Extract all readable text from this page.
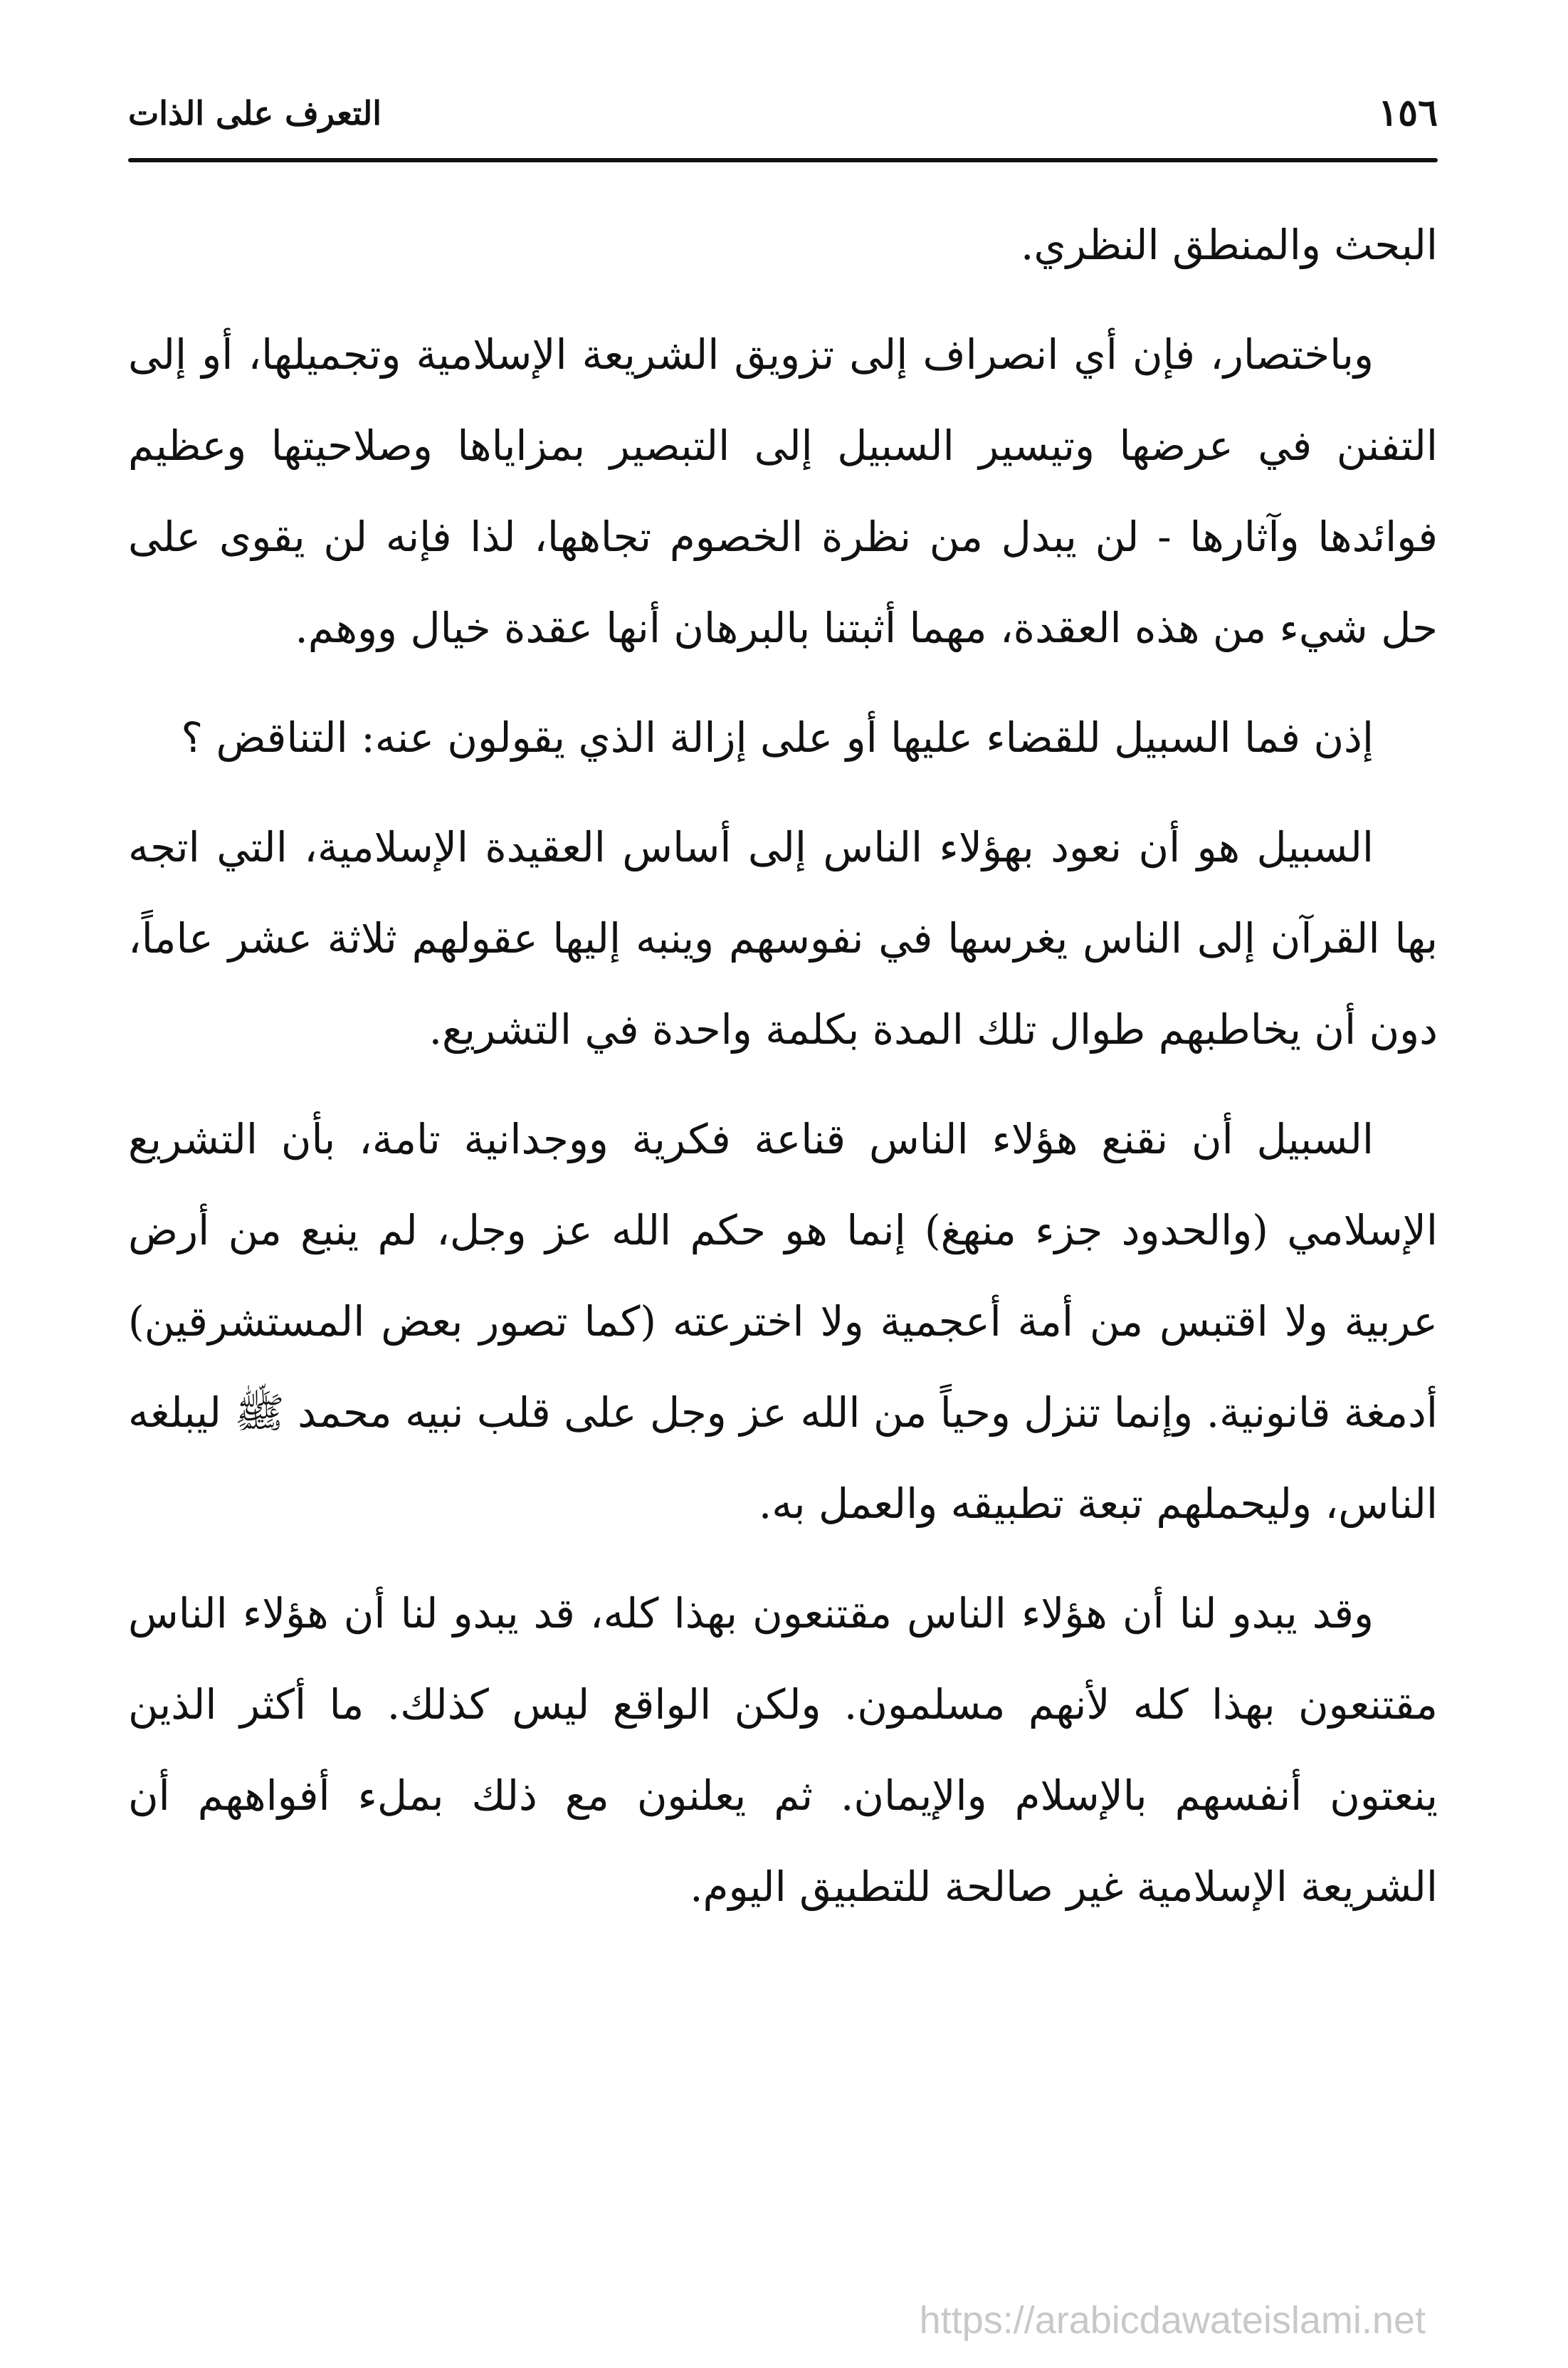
١٥٦
التعرف على الذات

البحث والمنطق النظري.

وباختصار، فإن أي انصراف إلى تزويق الشريعة الإسلامية وتجميلها، أو إلى التفنن في عرضها وتيسير السبيل إلى التبصير بمزاياها وصلاحيتها وعظيم فوائدها وآثارها - لن يبدل من نظرة الخصوم تجاهها، لذا فإنه لن يقوى على حل شيء من هذه العقدة، مهما أثبتنا بالبرهان أنها عقدة خيال ووهم.

إذن فما السبيل للقضاء عليها أو على إزالة الذي يقولون عنه: التناقض ؟

السبيل هو أن نعود بهؤلاء الناس إلى أساس العقيدة الإسلامية، التي اتجه بها القرآن إلى الناس يغرسها في نفوسهم وينبه إليها عقولهم ثلاثة عشر عاماً، دون أن يخاطبهم طوال تلك المدة بكلمة واحدة في التشريع.

السبيل أن نقنع هؤلاء الناس قناعة فكرية ووجدانية تامة، بأن التشريع الإسلامي (والحدود جزء منهغ) إنما هو حكم الله عز وجل، لم ينبع من أرض عربية ولا اقتبس من أمة أعجمية ولا اخترعته (كما تصور بعض المستشرقين) أدمغة قانونية. وإنما تنزل وحياً من الله عز وجل على قلب نبيه محمد ﷺ ليبلغه الناس، وليحملهم تبعة تطبيقه والعمل به.

وقد يبدو لنا أن هؤلاء الناس مقتنعون بهذا كله، قد يبدو لنا أن هؤلاء الناس مقتنعون بهذا كله لأنهم مسلمون. ولكن الواقع ليس كذلك. ما أكثر الذين ينعتون أنفسهم بالإسلام والإيمان. ثم يعلنون مع ذلك بملء أفواههم أن الشريعة الإسلامية غير صالحة للتطبيق اليوم.

https://arabicdawateislami.net
